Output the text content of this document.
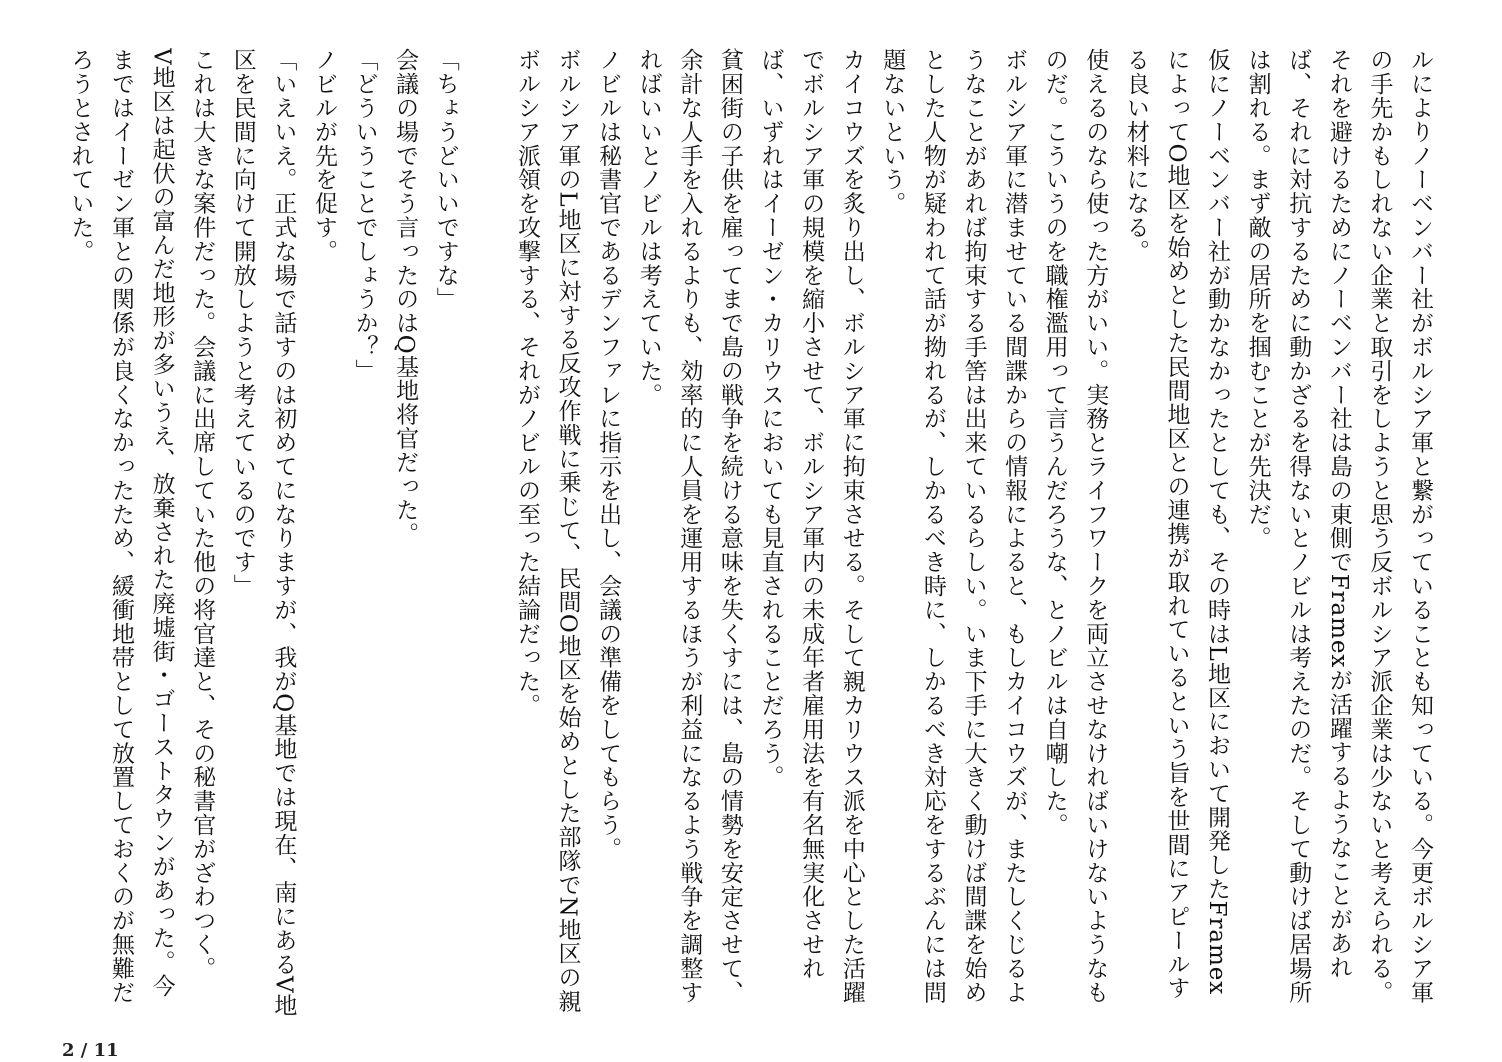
ルによりノーベンバー社がボルシア軍と繋がっていることも知っている。今更ボルシア軍の手先かもしれない企業と取引をしようと思う反ボルシア派企業は少ないと考えられる。

それを避けるためにノーベンバー社は島の東側でFramexが活躍するようなことがあれば、それに対抗するために動かざるを得ないとノビルは考えたのだ。そして動けば居場所は割れる。まず敵の居所を掴むことが先決だ。

仮にノーベンバー社が動かなかったとしても、その時はL地区において開発したFramexによってO地区を始めとした民間地区との連携が取れているという旨を世間にアピールする良い材料になる。

使えるのなら使った方がいい。実務とライフワークを両立させなければいけないようなものだ。こういうのを職権濫用って言うんだろうな、とノビルは自嘲した。

ボルシア軍に潜ませている間諜からの情報によると、もしカイコウズが、またしくじるようなことがあれば拘束する手筈は出来ているらしい。いま下手に大きく動けば間諜を始めとした人物が疑われて話が拗れるが、しかるべき時に、しかるべき対応をするぶんには問題ないという。

カイコウズを炙り出し、ボルシア軍に拘束させる。そして親カリウス派を中心とした活躍でボルシア軍の規模を縮小させて、ボルシア軍内の未成年者雇用法を有名無実化させれば、いずれはイーゼン・カリウスにおいても見直されることだろう。

貧困街の子供を雇ってまで島の戦争を続ける意味を失くすには、島の情勢を安定させて、余計な人手を入れるよりも、効率的に人員を運用するほうが利益になるよう戦争を調整すればいいとノビルは考えていた。

ノビルは秘書官であるデンファレに指示を出し、会議の準備をしてもらう。

ボルシア軍のL地区に対する反攻作戦に乗じて、民間O地区を始めとした部隊でN地区の親ボルシア派領を攻撃する、それがノビルの至った結論だった。

「ちょうどいいですな」

会議の場でそう言ったのはQ基地将官だった。

「どういうことでしょうか？」

ノビルが先を促す。

「いえいえ。正式な場で話すのは初めてになりますが、我がQ基地では現在、南にあるV地区を民間に向けて開放しようと考えているのです」

これは大きな案件だった。会議に出席していた他の将官達と、その秘書官がざわつく。

V地区は起伏の富んだ地形が多いうえ、放棄された廃墟街・ゴーストタウンがあった。今まではイーゼン軍との関係が良くなかったため、緩衝地帯として放置しておくのが無難だろうとされていた。

2 / 11
